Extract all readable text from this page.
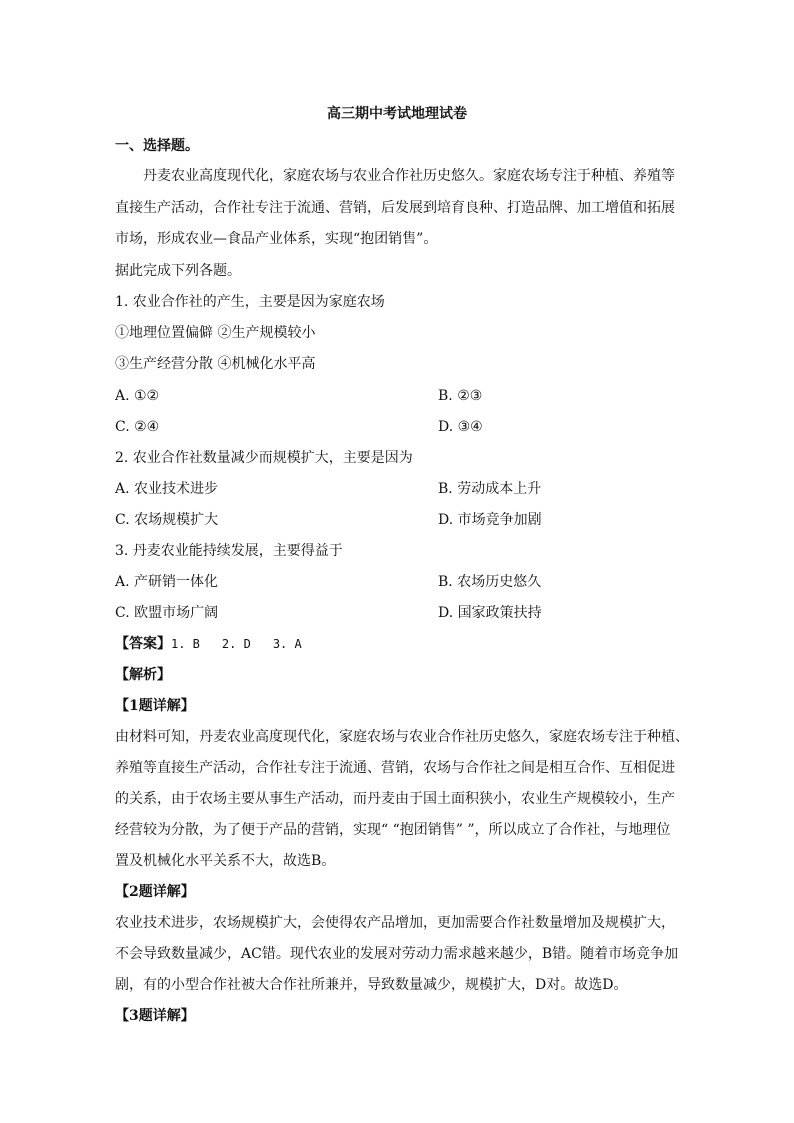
高三期中考试地理试卷
一、选择题。
丹麦农业高度现代化，家庭农场与农业合作社历史悠久。家庭农场专注于种植、养殖等
直接生产活动，合作社专注于流通、营销，后发展到培育良种、打造品牌、加工增值和拓展
市场，形成农业—食品产业体系，实现“抱团销售”。
据此完成下列各题。
1. 农业合作社的产生，主要是因为家庭农场
①地理位置偏僻 ②生产规模较小
③生产经营分散 ④机械化水平高
A. ①②	B. ②③
C. ②④	D. ③④
2. 农业合作社数量减少而规模扩大，主要是因为
A. 农业技术进步	B. 劳动成本上升
C. 农场规模扩大	D. 市场竞争加剧
3. 丹麦农业能持续发展，主要得益于
A. 产研销一体化	B. 农场历史悠久
C. 欧盟市场广阔	D. 国家政策扶持
【答案】1. B 2. D 3. A
【解析】
【1题详解】
由材料可知，丹麦农业高度现代化，家庭农场与农业合作社历史悠久，家庭农场专注于种植、
养殖等直接生产活动，合作社专注于流通、营销，农场与合作社之间是相互合作、互相促进
的关系，由于农场主要从事生产活动，而丹麦由于国土面积狭小，农业生产规模较小，生产
经营较为分散，为了便于产品的营销，实现“ “抱团销售” ”，所以成立了合作社，与地理位
置及机械化水平关系不大，故选B。
【2题详解】
农业技术进步，农场规模扩大，会使得农产品增加，更加需要合作社数量增加及规模扩大，
不会导致数量减少，AC错。现代农业的发展对劳动力需求越来越少，B错。随着市场竞争加
剧，有的小型合作社被大合作社所兼并，导致数量减少，规模扩大，D对。故选D。
【3题详解】
